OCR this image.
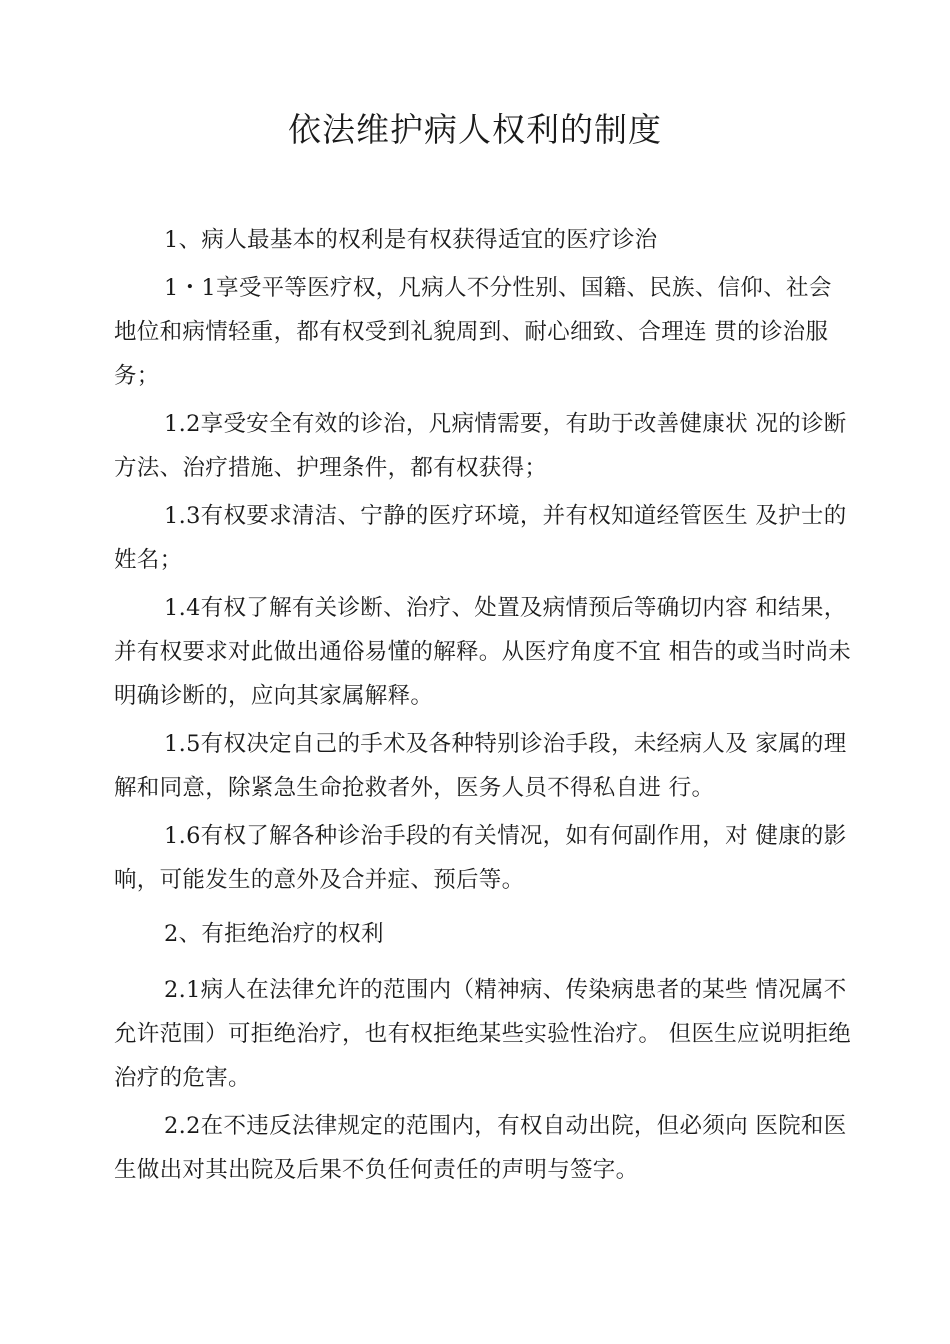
依法维护病人权利的制度

1、病人最基本的权利是有权获得适宜的医疗诊治

1・1享受平等医疗权，凡病人不分性别、国籍、民族、信仰、社会地位和病情轻重，都有权受到礼貌周到、耐心细致、合理连 贯的诊治服务；

1.2享受安全有效的诊治，凡病情需要，有助于改善健康状 况的诊断方法、治疗措施、护理条件，都有权获得；

1.3有权要求清洁、宁静的医疗环境，并有权知道经管医生 及护士的姓名；

1.4有权了解有关诊断、治疗、处置及病情预后等确切内容 和结果，并有权要求对此做出通俗易懂的解释。从医疗角度不宜 相告的或当时尚未明确诊断的，应向其家属解释。

1.5有权决定自己的手术及各种特别诊治手段，未经病人及 家属的理解和同意，除紧急生命抢救者外，医务人员不得私自进 行。

1.6有权了解各种诊治手段的有关情况，如有何副作用，对 健康的影响，可能发生的意外及合并症、预后等。

2、有拒绝治疗的权利

2.1病人在法律允许的范围内（精神病、传染病患者的某些 情况属不允许范围）可拒绝治疗，也有权拒绝某些实验性治疗。 但医生应说明拒绝治疗的危害。

2.2在不违反法律规定的范围内，有权自动出院，但必须向 医院和医生做出对其出院及后果不负任何责任的声明与签字。
